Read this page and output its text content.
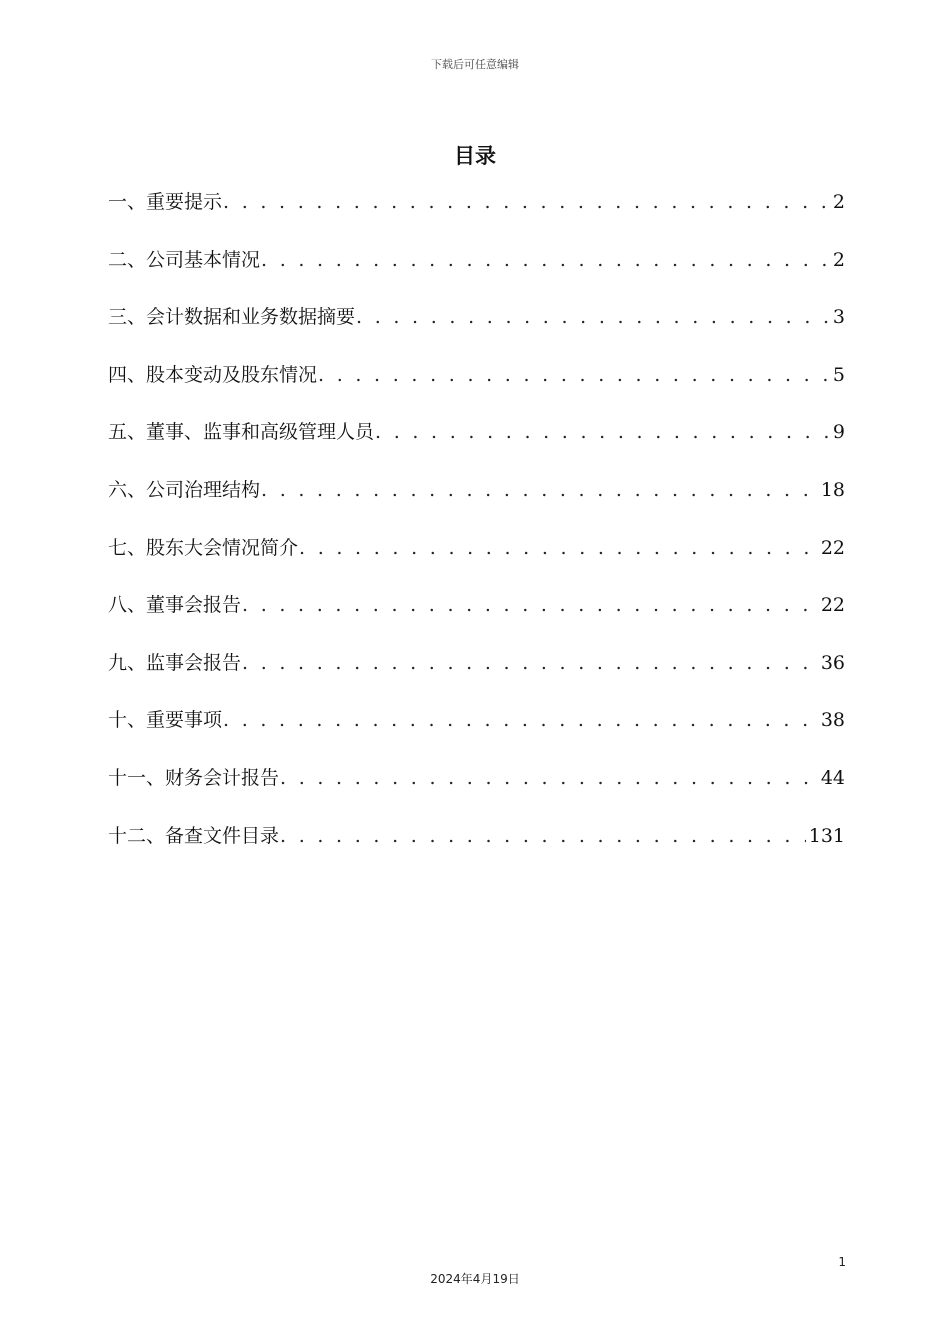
下载后可任意编辑
目录
一、重要提示 . . .	2
二、公司基本情况 . . .	2
三、会计数据和业务数据摘要 . . .	3
四、股本变动及股东情况 . . .	5
五、董事、监事和高级管理人员 . . .	9
六、公司治理结构 . . .	18
七、股东大会情况简介 . . .	22
八、董事会报告 . . .	22
九、监事会报告 . . .	36
十、重要事项 . . .	38
十一、财务会计报告 . . .	44
十二、备查文件目录 . . .	131
1
2024年4月19日
